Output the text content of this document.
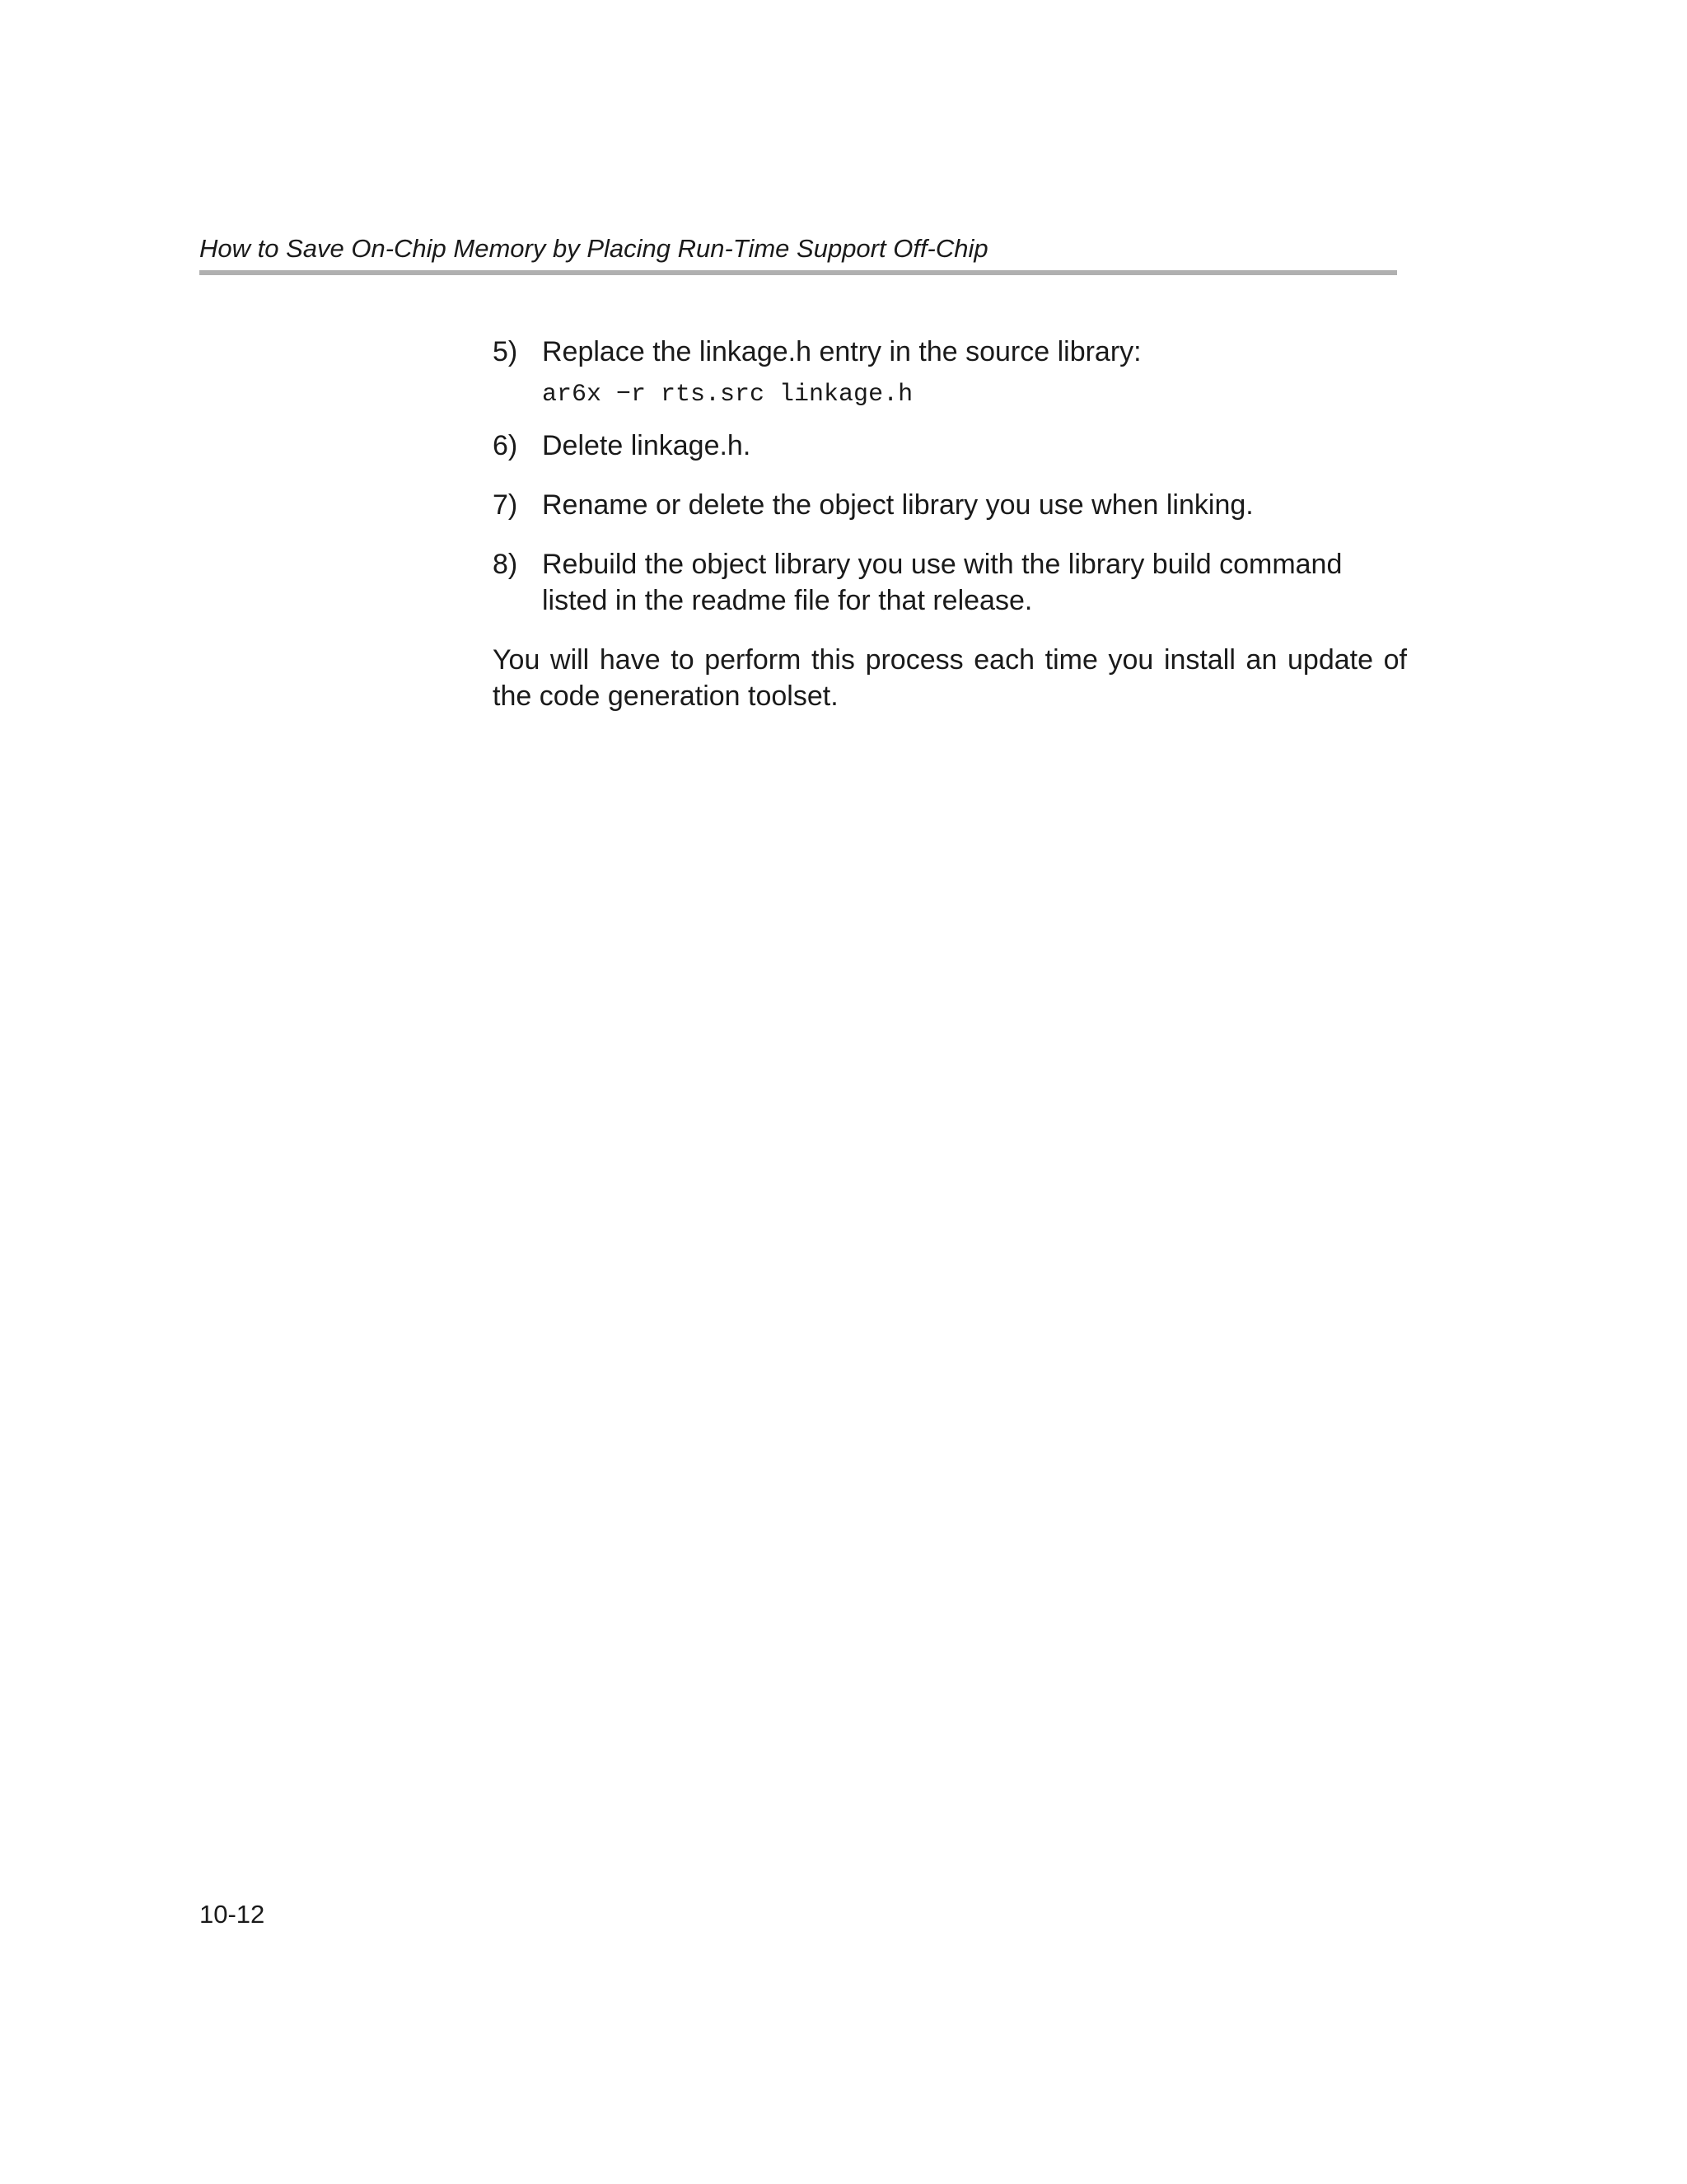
How to Save On-Chip Memory by Placing Run-Time Support Off-Chip
5) Replace the linkage.h entry in the source library:
ar6x −r rts.src linkage.h
6) Delete linkage.h.
7) Rename or delete the object library you use when linking.
8) Rebuild the object library you use with the library build command listed in the readme file for that release.

You will have to perform this process each time you install an update of the code generation toolset.

10-12
